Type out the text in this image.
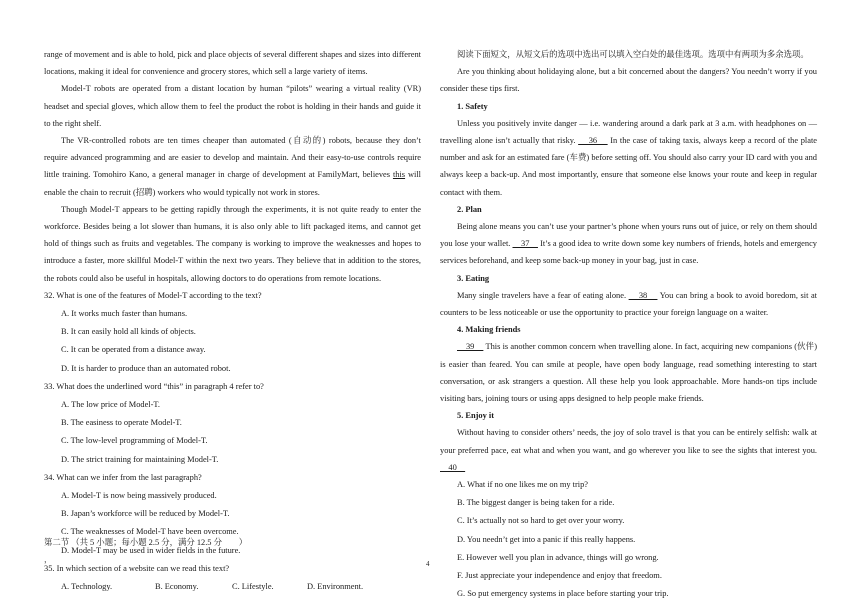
range of movement and is able to hold, pick and place objects of several different shapes and sizes into different locations, making it ideal for convenience and grocery stores, which sell a large variety of items.

Model-T robots are operated from a distant location by human “pilots” wearing a virtual reality (VR) headset and special gloves, which allow them to feel the product the robot is holding in their hands and guide it to the right shelf.

The VR-controlled robots are ten times cheaper than automated (自动的) robots, because they don’t require advanced programming and are easier to develop and maintain. And their easy-to-use controls require little training. Tomohiro Kano, a general manager in charge of development at FamilyMart, believes this will enable the chain to recruit (招聘) workers who would typically not work in stores.

Though Model-T appears to be getting rapidly through the experiments, it is not quite ready to enter the workforce. Besides being a lot slower than humans, it is also only able to lift packaged items, and cannot get hold of things such as fruits and vegetables. The company is working to improve the weaknesses and hopes to introduce a faster, more skillful Model-T within the next two years. They believe that in addition to the stores, the robots could also be useful in hospitals, allowing doctors to do operations from remote locations.

32. What is one of the features of Model-T according to the text?

A. It works much faster than humans.

B. It can easily hold all kinds of objects.

C. It can be operated from a distance away.

D. It is harder to produce than an automated robot.

33. What does the underlined word “this” in paragraph 4 refer to?

A. The low price of Model-T.

B. The easiness to operate Model-T.

C. The low-level programming of Model-T.

D. The strict training for maintaining Model-T.

34. What can we infer from the last paragraph?

A. Model-T is now being massively produced.

B. Japan’s workforce will be reduced by Model-T.

C. The weaknesses of Model-T have been overcome.

D. Model-T may be used in wider fields in the future.

35. In which section of a website can we read this text?

A. Technology.	B. Economy.	C. Lifestyle.	D. Environment.

第二节 （共 5 小题；每小题 2.5 分，满分 12.5 分　　）
，	4

阅读下面短文，从短文后的选项中选出可以填入空白处的最佳选项。选项中有两项为多余选项。

Are you thinking about holidaying alone, but a bit concerned about the dangers? You needn’t worry if you consider these tips first.

1. Safety

Unless you positively invite danger — i.e. wandering around a dark park at 3 a.m. with headphones on — travelling alone isn’t actually that risky.     36     In the case of taking taxis, always keep a record of the plate number and ask for an estimated fare (车费) before setting off. You should also carry your ID card with you and always keep a back-up. And most importantly, ensure that someone else knows your route and keep in regular contact with them.

2. Plan

Being alone means you can’t use your partner’s phone when yours runs out of juice, or rely on them should you lose your wallet.     37     It’s a good idea to write down some key numbers of friends, hotels and emergency services beforehand, and keep some back-up money in your bag, just in case.

3. Eating

Many single travelers have a fear of eating alone.     38     You can bring a book to avoid boredom, sit at counters to be less noticeable or use the opportunity to practice your foreign language on a waiter.

4. Making friends

39     This is another common concern when travelling alone. In fact, acquiring new companions (伙伴) is easier than feared. You can smile at people, have open body language, read something interesting to start conversation, or ask strangers a question. All these help you look approachable. More hands-on tips include visiting bars, joining tours or using apps designed to help people make friends.

5. Enjoy it

Without having to consider others’ needs, the joy of solo travel is that you can be entirely selfish: walk at your preferred pace, eat what and when you want, and go wherever you like to see the sights that interest you.     40

A. What if no one likes me on my trip?

B. The biggest danger is being taken for a ride.

C. It’s actually not so hard to get over your worry.

D. You needn’t get into a panic if this really happens.

E. However well you plan in advance, things will go wrong.

F. Just appreciate your independence and enjoy that freedom.

G. So put emergency systems in place before starting your trip.
